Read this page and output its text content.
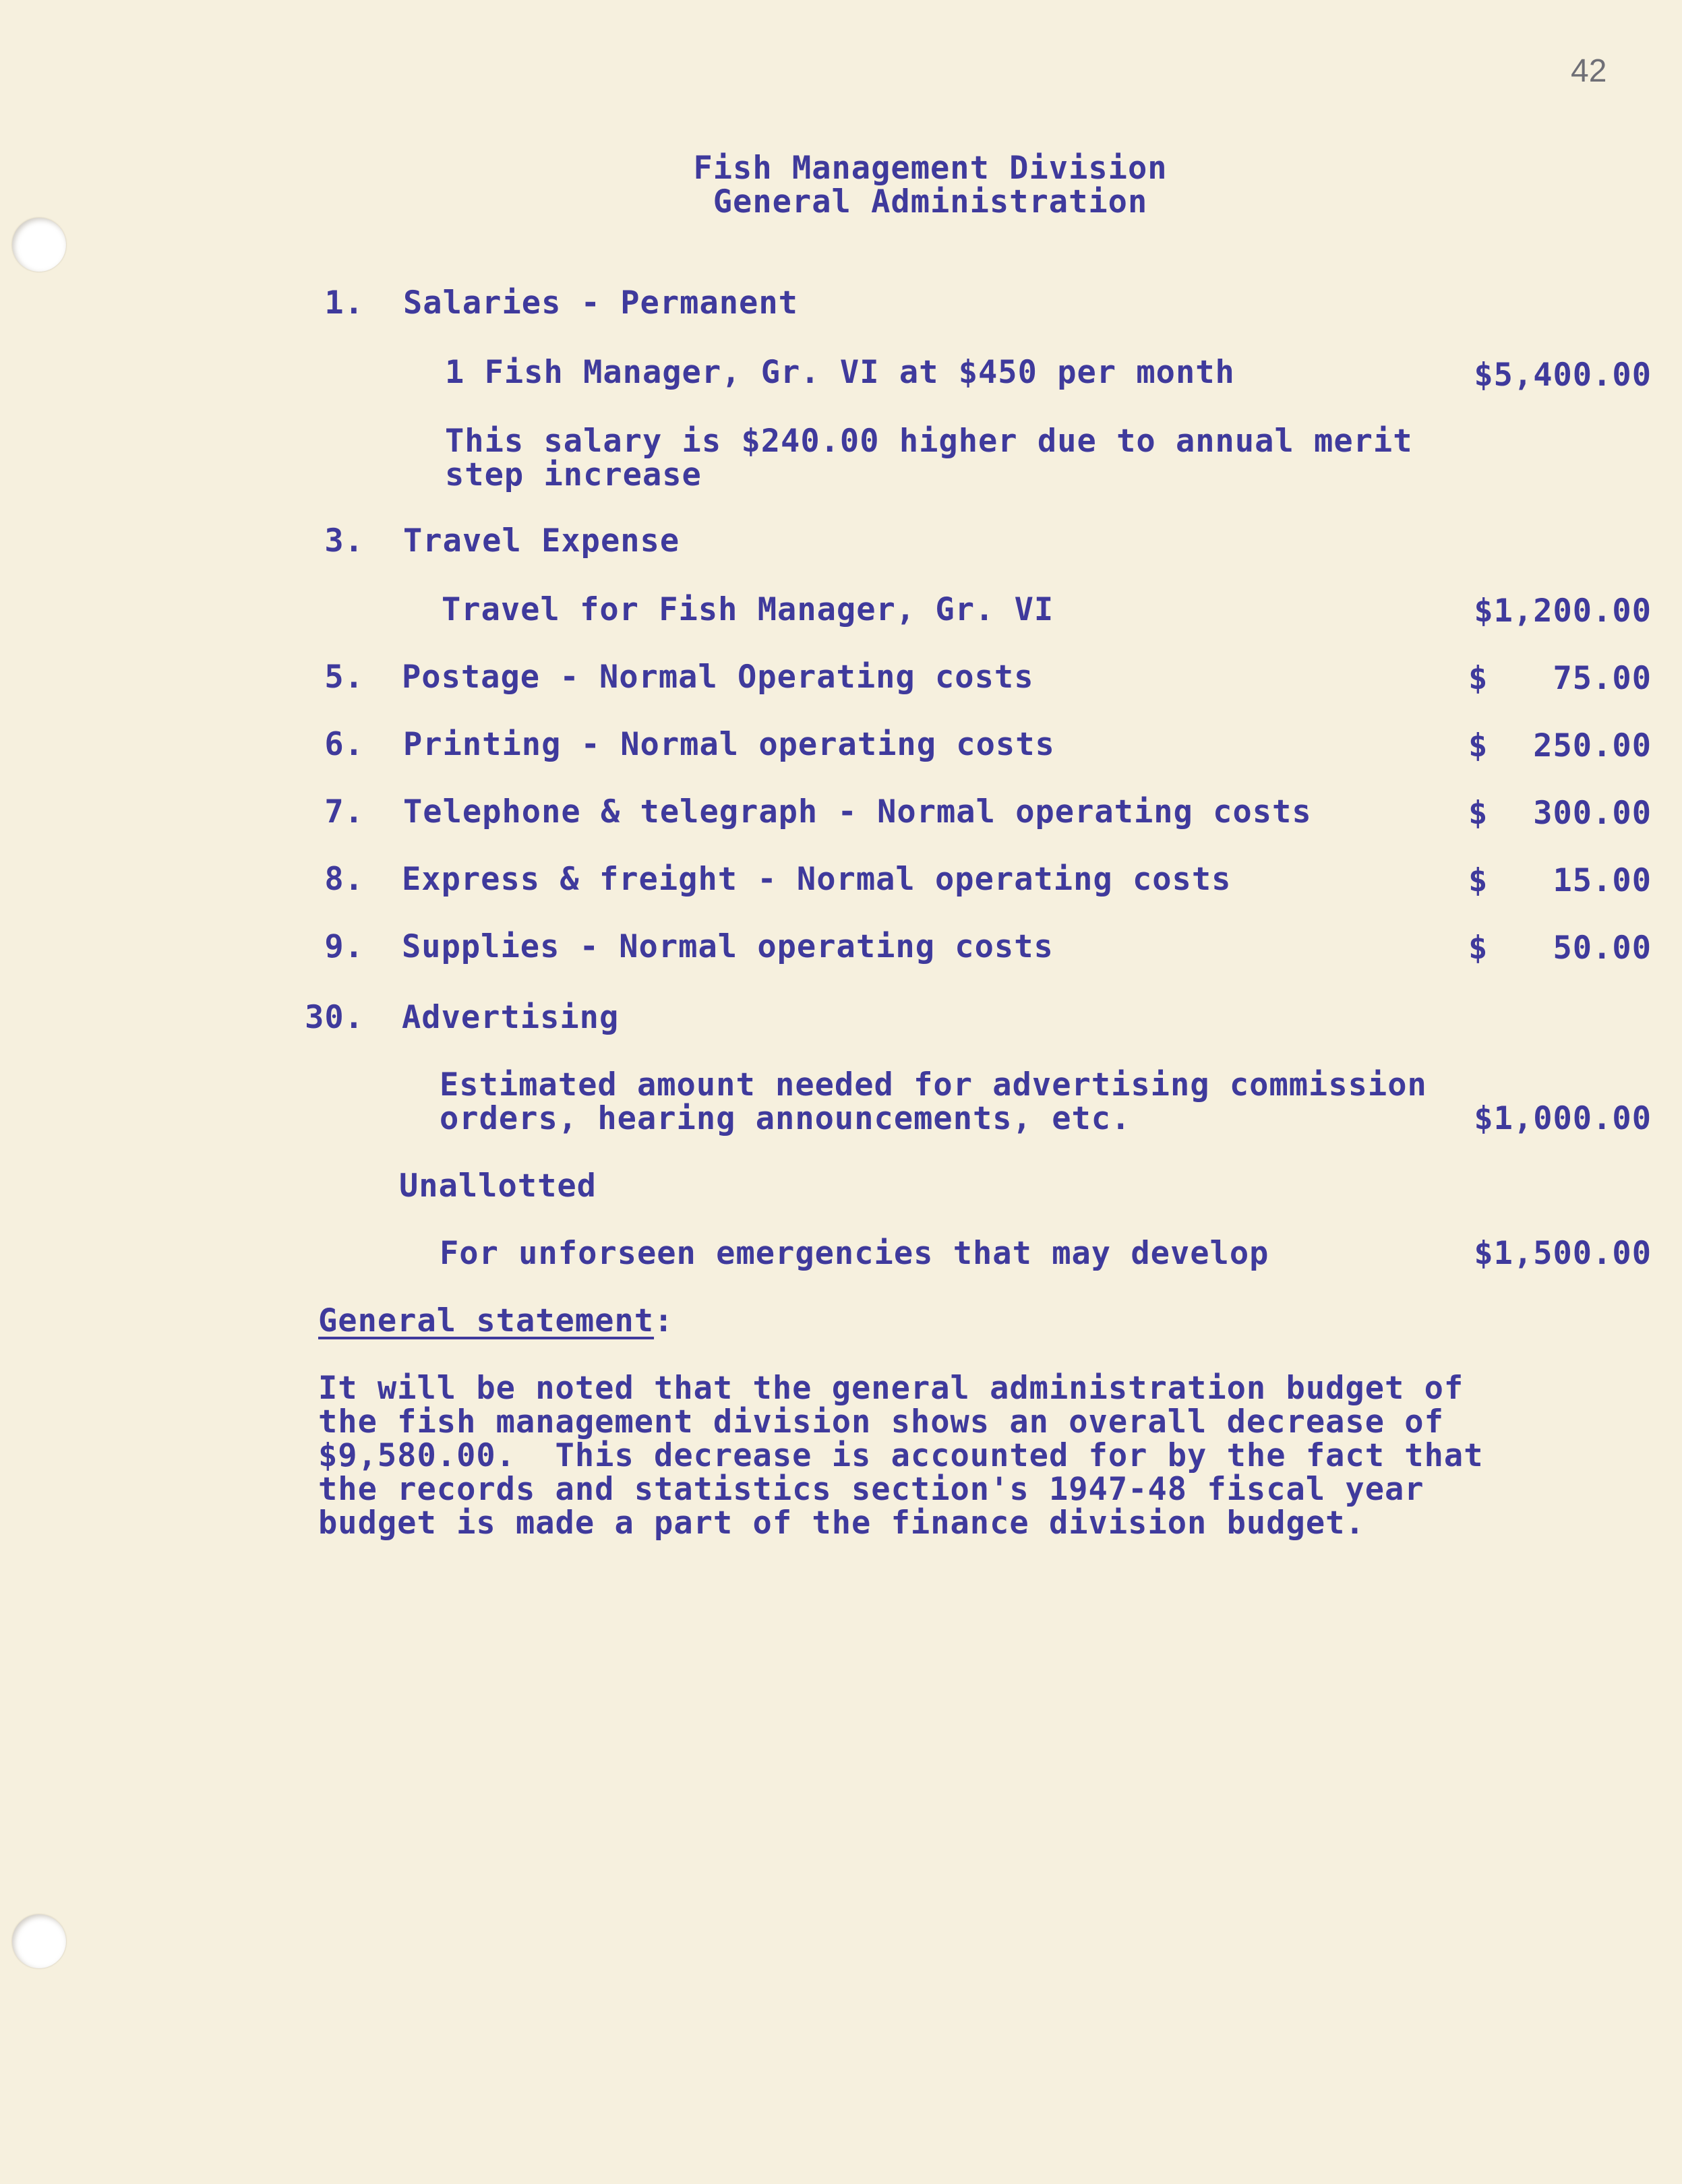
42
Fish Management Division
General Administration
1. Salaries - Permanent
1 Fish Manager, Gr. VI at $450 per month	$5,400.00
This salary is $240.00 higher due to annual merit
step increase
3. Travel Expense
Travel for Fish Manager, Gr. VI	$1,200.00
5. Postage - Normal Operating costs	$	75.00
6. Printing - Normal operating costs	$	250.00
7. Telephone & telegraph - Normal operating costs	$	300.00
8. Express & freight - Normal operating costs	$	15.00
9. Supplies - Normal operating costs	$	50.00
30. Advertising
Estimated amount needed for advertising commission
orders, hearing announcements, etc.	$1,000.00
Unallotted
For unforseen emergencies that may develop	$1,500.00
General statement:
It will be noted that the general administration budget of
the fish management division shows an overall decrease of
$9,580.00.  This decrease is accounted for by the fact that
the records and statistics section's 1947-48 fiscal year
budget is made a part of the finance division budget.
